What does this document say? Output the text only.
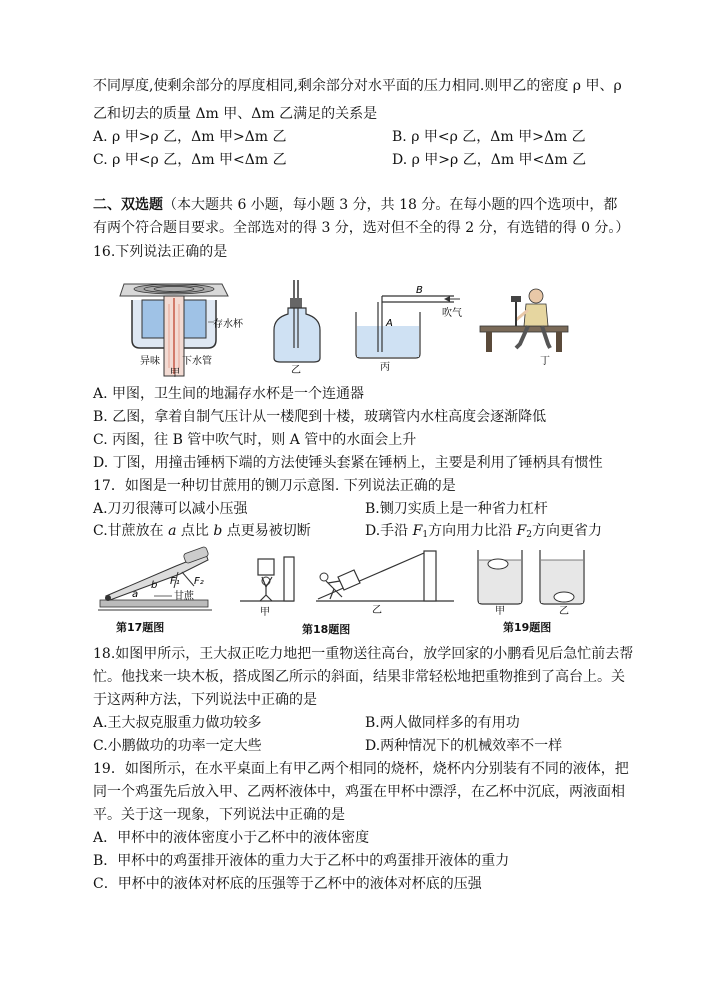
不同厚度,使剩余部分的厚度相同,剩余部分对水平面的压力相同.则甲乙的密度 ρ 甲、ρ
乙和切去的质量 Δm 甲、Δm 乙满足的关系是
A. ρ 甲>ρ 乙，Δm 甲>Δm 乙	B. ρ 甲<ρ 乙，Δm 甲>Δm 乙
C. ρ 甲<ρ 乙，Δm 甲<Δm 乙	D. ρ 甲>ρ 乙，Δm 甲<Δm 乙
二、双选题（本大题共 6 小题，每小题 3 分，共 18 分。在每小题的四个选项中，都
有两个符合题目要求。全部选对的得 3 分，选对但不全的得 2 分，有选错的得 0 分。）
16.下列说法正确的是
存水杯
异味 下水管
甲	乙
B
吹气
A
丙
丁
A. 甲图，卫生间的地漏存水杯是一个连通器
B. 乙图，拿着自制气压计从一楼爬到十楼，玻璃管内水柱高度会逐渐降低
C. 丙图，往 B 管中吹气时，则 A 管中的水面会上升
D. 丁图，用撞击锤柄下端的方法使锤头套紧在锤柄上，主要是利用了锤柄具有惯性
17．如图是一种切甘蔗用的铡刀示意图. 下列说法正确的是
A.刀刃很薄可以减小压强	B.铡刀实质上是一种省力杠杆
C.甘蔗放在 a 点比 b 点更易被切断	D.手沿 $F_1$方向用力比沿 $F_2$方向更省力
a
b
甘蔗
F₁ F₂
第17题图
甲	乙
第18题图
甲	乙
第19题图
18.如图甲所示，王大叔正吃力地把一重物送往高台，放学回家的小鹏看见后急忙前去帮
忙。他找来一块木板，搭成图乙所示的斜面，结果非常轻松地把重物推到了高台上。关
于这两种方法，下列说法中正确的是
A.王大叔克服重力做功较多	B.两人做同样多的有用功
C.小鹏做功的功率一定大些	D.两种情况下的机械效率不一样
19．如图所示，在水平桌面上有甲乙两个相同的烧杯，烧杯内分别装有不同的液体，把
同一个鸡蛋先后放入甲、乙两杯液体中，鸡蛋在甲杯中漂浮，在乙杯中沉底，两液面相
平。关于这一现象，下列说法中正确的是
A．甲杯中的液体密度小于乙杯中的液体密度
B．甲杯中的鸡蛋排开液体的重力大于乙杯中的鸡蛋排开液体的重力
C．甲杯中的液体对杯底的压强等于乙杯中的液体对杯底的压强
